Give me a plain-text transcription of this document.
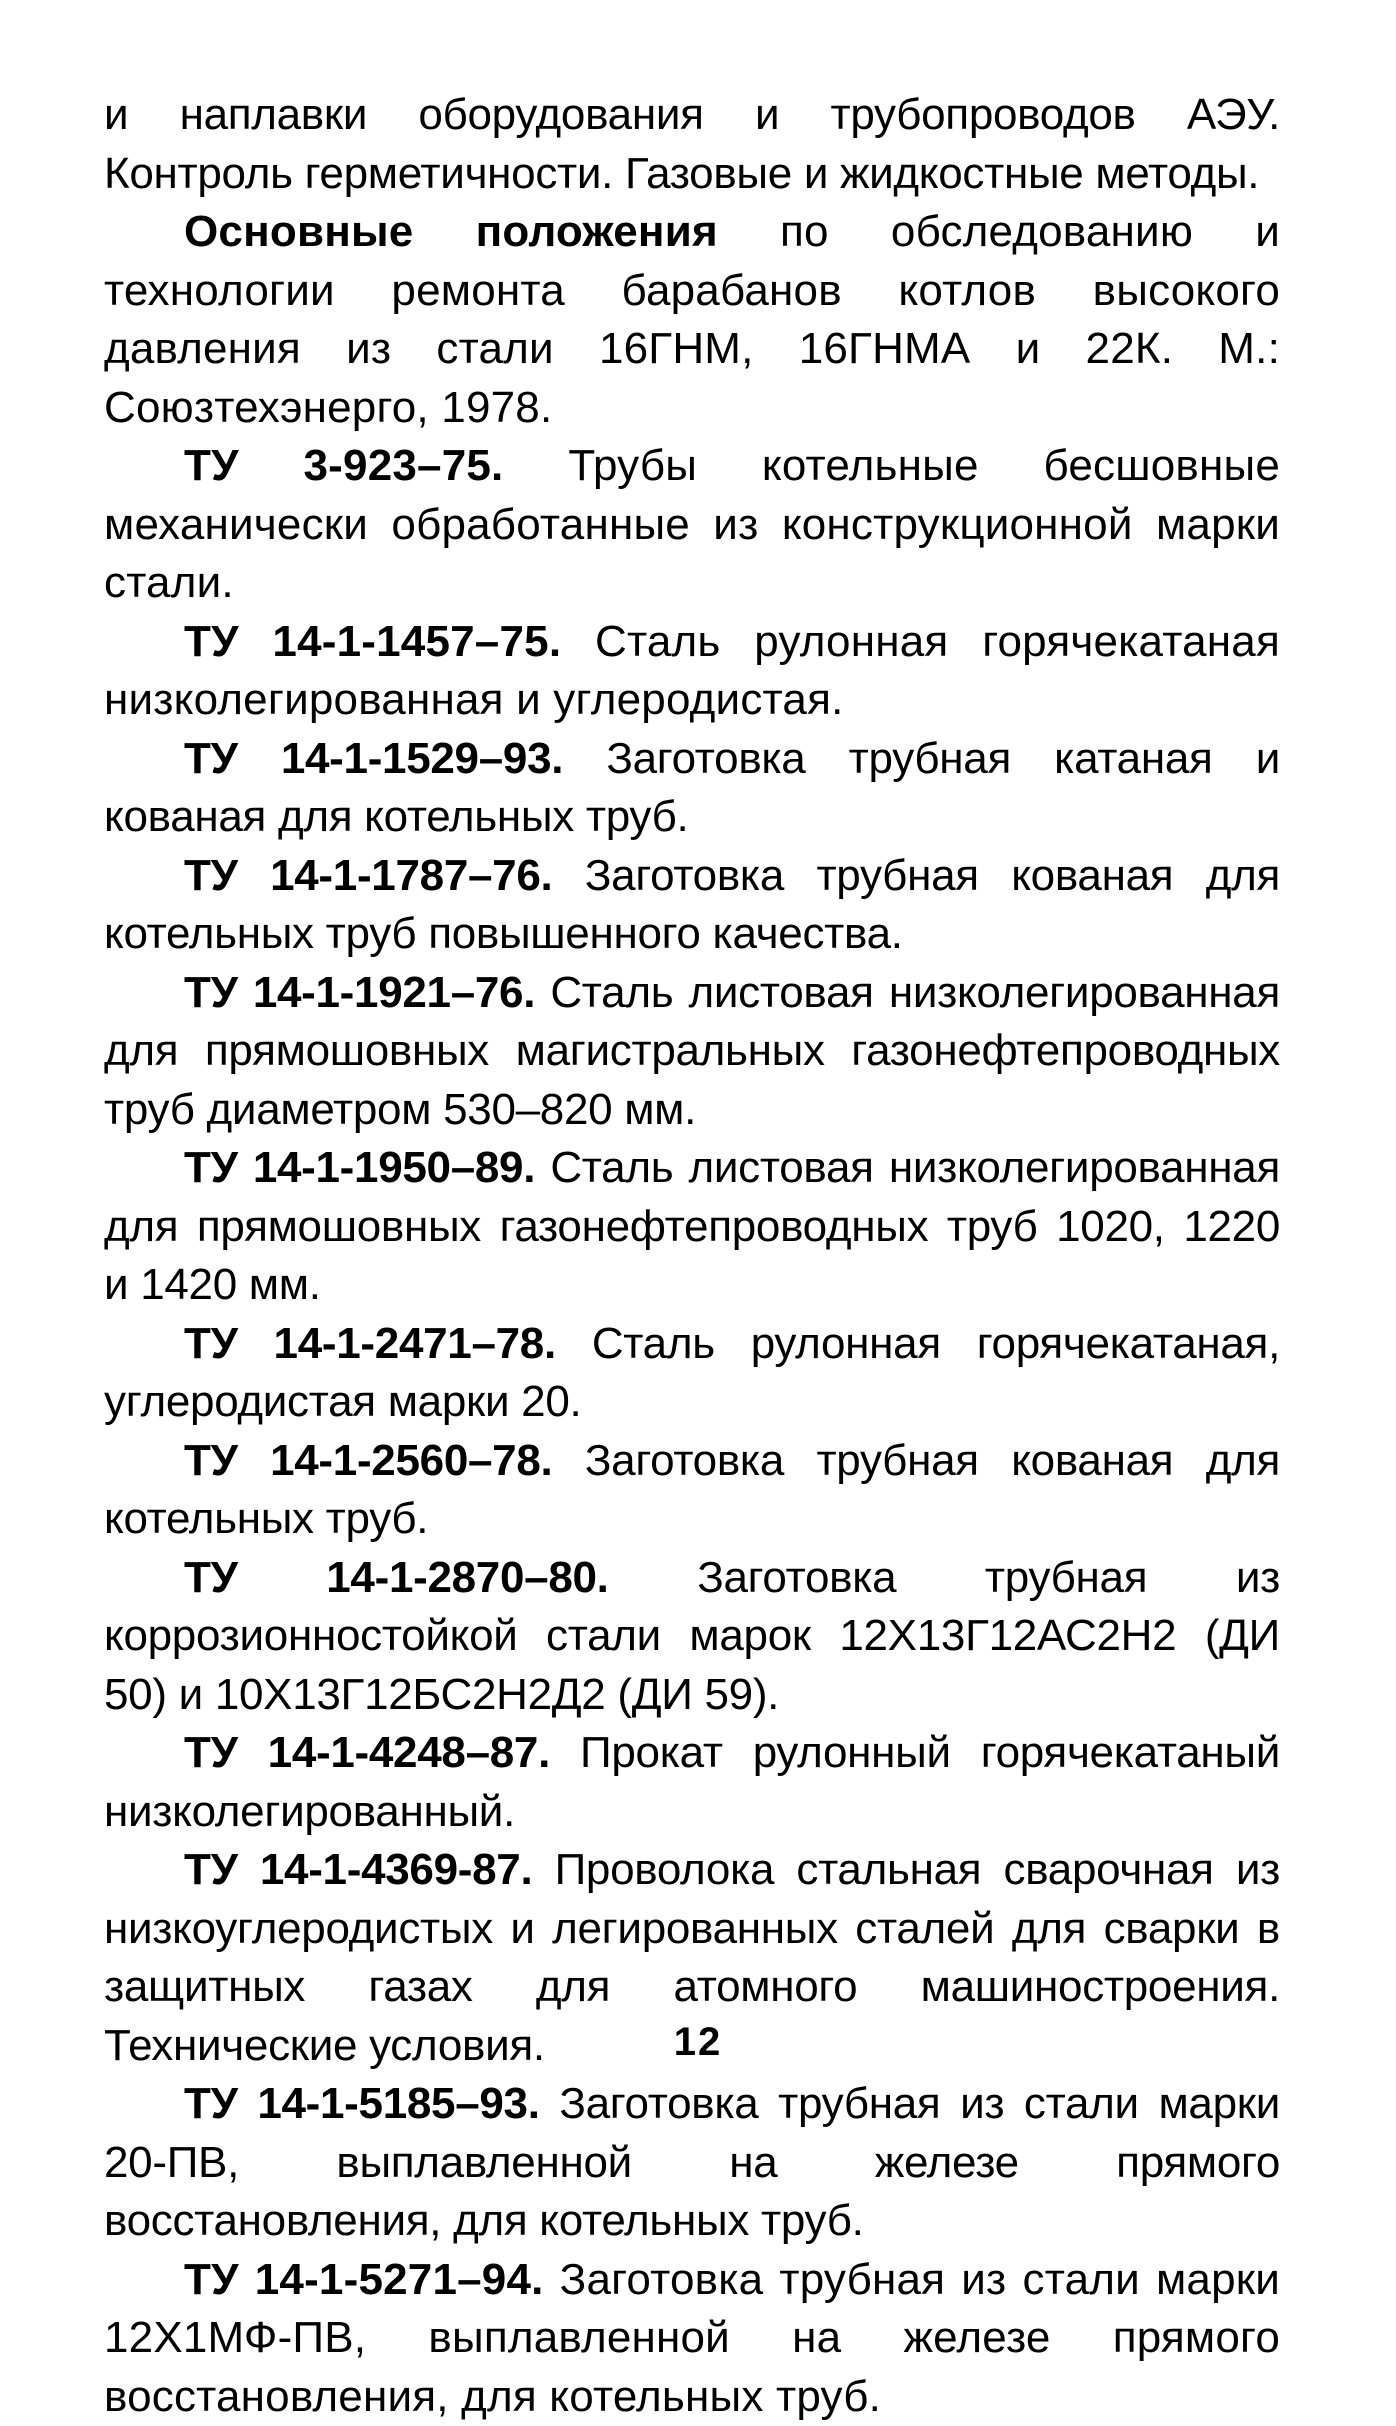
и наплавки оборудования и трубопроводов АЭУ. Контроль герметичности. Газовые и жидкостные методы.

Основные положения по обследованию и технологии ремонта барабанов котлов высокого давления из стали 16ГНМ, 16ГНМА и 22К. М.: Союзтехэнерго, 1978.

ТУ 3-923–75. Трубы котельные бесшовные механически обработанные из конструкционной марки стали.

ТУ 14-1-1457–75. Сталь рулонная горячекатаная низколегированная и углеродистая.

ТУ 14-1-1529–93. Заготовка трубная катаная и кованая для котельных труб.

ТУ 14-1-1787–76. Заготовка трубная кованая для котельных труб повышенного качества.

ТУ 14-1-1921–76. Сталь листовая низколегированная для прямошовных магистральных газонефтепроводных труб диаметром 530–820 мм.

ТУ 14-1-1950–89. Сталь листовая низколегированная для прямошовных газонефтепроводных труб 1020, 1220 и 1420 мм.

ТУ 14-1-2471–78. Сталь рулонная горячекатаная, углеродистая марки 20.

ТУ 14-1-2560–78. Заготовка трубная кованая для котельных труб.

ТУ 14-1-2870–80. Заготовка трубная из коррозионностойкой стали марок 12Х13Г12АС2Н2 (ДИ 50) и 10Х13Г12БС2Н2Д2 (ДИ 59).

ТУ 14-1-4248–87. Прокат рулонный горячекатаный низколегированный.

ТУ 14-1-4369-87. Проволока стальная сварочная из низкоуглеродистых и легированных сталей для сварки в защитных газах для атомного машиностроения. Технические условия.

ТУ 14-1-5185–93. Заготовка трубная из стали марки 20-ПВ, выплавленной на железе прямого восстановления, для котельных труб.

ТУ 14-1-5271–94. Заготовка трубная из стали марки 12Х1МФ-ПВ, выплавленной на железе прямого восстановления, для котельных труб.

12
